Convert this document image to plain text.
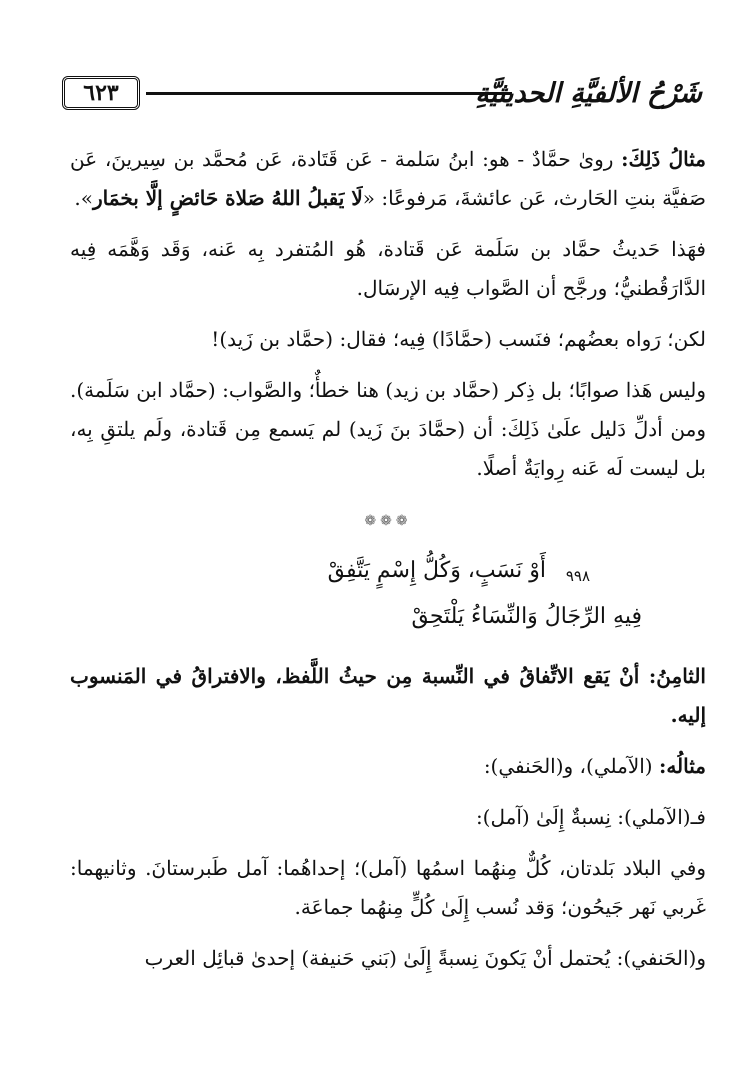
٦٢٣	شَرْحُ الألفيَّةِ الحديثيَّةِ

مثالُ ذَلِكَ: روىٰ حمَّادٌ - هو: ابنُ سَلمة - عَن قَتَادة، عَن مُحمَّد بن سِيرينَ، عَن صَفيَّة بنتِ الحَارث، عَن عائشةَ، مَرفوعًا: «لَا يَقبلُ اللهُ صَلاة حَائضٍ إلَّا بخمَار».

فهَذا حَديثُ حمَّاد بن سَلَمة عَن قَتادة، هُو المُتفرد بِه عَنه، وَقَد وَهَّمَه فِيه الدَّارَقُطنيُّ؛ ورجَّح أن الصَّواب فِيه الإرسَال.

لكن؛ رَواه بعضُهم؛ فنَسب (حمَّادًا) فِيه؛ فقال: (حمَّاد بن زَيد)!

وليس هَذا صوابًا؛ بل ذِكر (حمَّاد بن زيد) هنا خطأٌ؛ والصَّواب: (حمَّاد ابن سَلَمة). ومن أدلِّ دَليل علَىٰ ذَلِكَ: أن (حمَّادَ بنَ زَيد) لم يَسمع مِن قَتادة، ولَم يلتقِ بِه، بل ليست لَه عَنه رِوايَةٌ أصلًا.

❁❁❁

٩٩٨
أَوْ نَسَبٍ، وَكُلُّ إِسْمٍ يَتَّفِقْ
فِيهِ الرِّجَالُ وَالنِّسَاءُ يَلْتَحِقْ

الثامِنُ: أنْ يَقع الاتِّفاقُ في النِّسبة مِن حيثُ اللَّفظ، والافتراقُ في المَنسوب إليه.

مثالُه: (الآملي)، و(الحَنفي):

فـ(الآملي): نِسبةٌ إِلَىٰ (آمل):

وفي البلاد بَلدتان، كُلٌّ مِنهُما اسمُها (آمل)؛ إحداهُما: آمل طَبرستانَ. وثانيهما: غَربي نَهر جَيحُون؛ وَقد نُسب إِلَىٰ كُلٍّ مِنهُما جماعَة.

و(الحَنفي): يُحتمل أنْ يَكونَ نِسبةً إِلَىٰ (بَني حَنيفة) إحدىٰ قبائِل العرب
